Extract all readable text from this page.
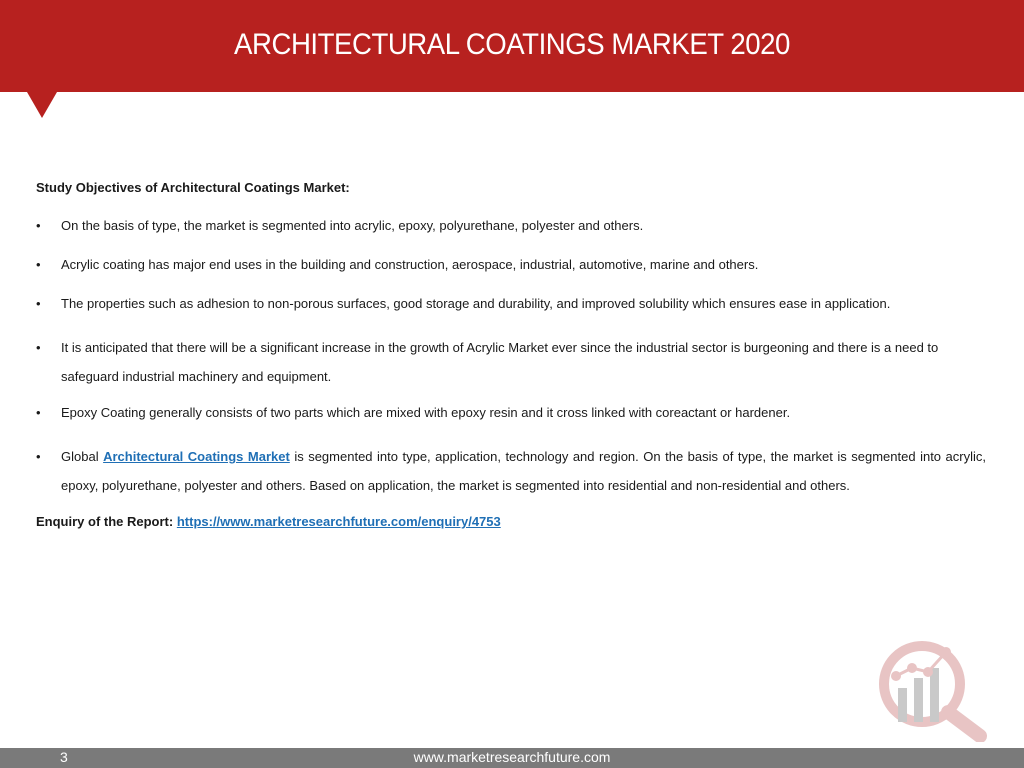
ARCHITECTURAL COATINGS MARKET 2020
Study Objectives of Architectural Coatings Market:
• On the basis of type, the market is segmented into acrylic, epoxy, polyurethane, polyester and others.
• Acrylic coating has major end uses in the building and construction, aerospace, industrial, automotive, marine and others.
• The properties such as adhesion to non-porous surfaces, good storage and durability, and improved solubility which ensures ease in application.
• It is anticipated that there will be a significant increase in the growth of Acrylic Market ever since the industrial sector is burgeoning and there is a need to safeguard industrial machinery and equipment.
• Epoxy Coating generally consists of two parts which are mixed with epoxy resin and it cross linked with coreactant or hardener.
• Global Architectural Coatings Market is segmented into type, application, technology and region. On the basis of type, the market is segmented into acrylic, epoxy, polyurethane, polyester and others. Based on application, the market is segmented into residential and non-residential and others.
Enquiry of the Report: https://www.marketresearchfuture.com/enquiry/4753
3	www.marketresearchfuture.com
